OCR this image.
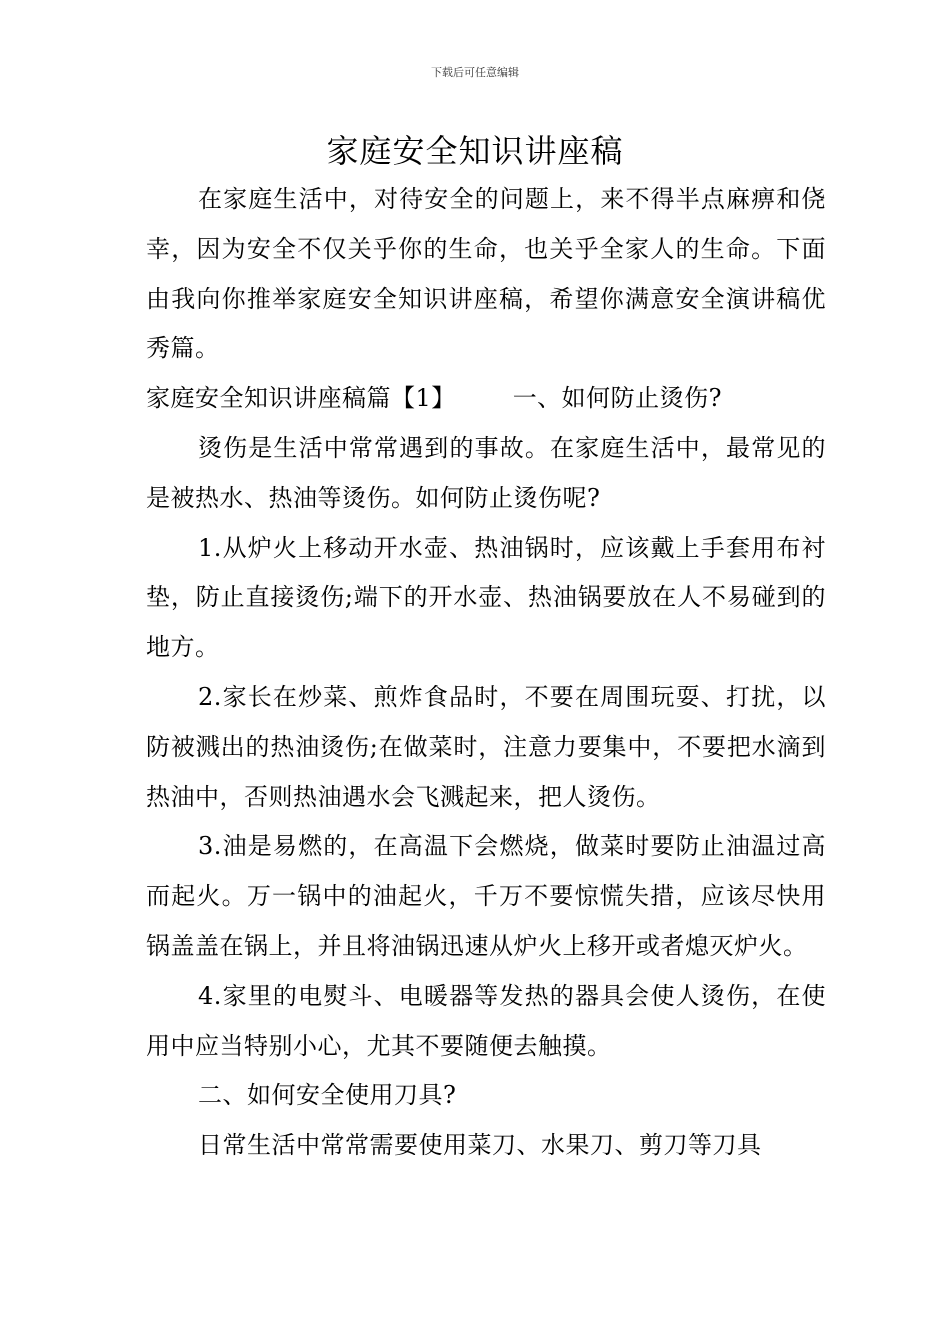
下载后可任意编辑
家庭安全知识讲座稿

在家庭生活中，对待安全的问题上，来不得半点麻痹和侥幸，因为安全不仅关乎你的生命，也关乎全家人的生命。下面由我向你推举家庭安全知识讲座稿，希望你满意安全演讲稿优秀篇。

家庭安全知识讲座稿篇【1】 一、如何防止烫伤?

烫伤是生活中常常遇到的事故。在家庭生活中，最常见的是被热水、热油等烫伤。如何防止烫伤呢?

1.从炉火上移动开水壶、热油锅时，应该戴上手套用布衬垫，防止直接烫伤;端下的开水壶、热油锅要放在人不易碰到的地方。

2.家长在炒菜、煎炸食品时，不要在周围玩耍、打扰，以防被溅出的热油烫伤;在做菜时，注意力要集中，不要把水滴到热油中，否则热油遇水会飞溅起来，把人烫伤。

3.油是易燃的，在高温下会燃烧，做菜时要防止油温过高而起火。万一锅中的油起火，千万不要惊慌失措，应该尽快用锅盖盖在锅上，并且将油锅迅速从炉火上移开或者熄灭炉火。

4.家里的电熨斗、电暖器等发热的器具会使人烫伤，在使用中应当特别小心，尤其不要随便去触摸。

二、如何安全使用刀具?

日常生活中常常需要使用菜刀、水果刀、剪刀等刀具
